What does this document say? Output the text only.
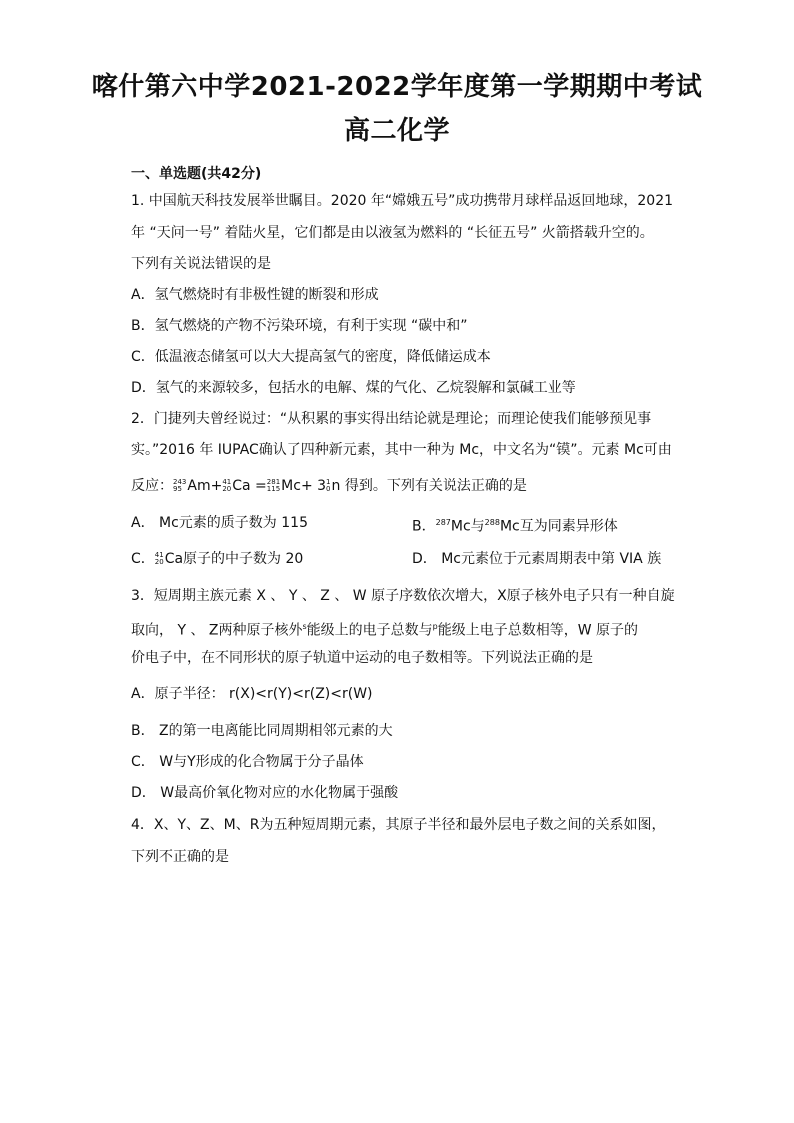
喀什第六中学2021-2022学年度第一学期期中考试
高二化学
一、单选题(共42分)
1. 中国航天科技发展举世瞩目。2020 年“嫦娥五号”成功携带月球样品返回地球，2021
年 “天问一号” 着陆火星，它们都是由以液氢为燃料的 “长征五号” 火箭搭载升空的。
下列有关说法错误的是
A．氢气燃烧时有非极性键的断裂和形成
B．氢气燃烧的产物不污染环境，有利于实现 “碳中和”
C．低温液态储氢可以大大提高氢气的密度，降低储运成本
D．氢气的来源较多，包括水的电解、煤的气化、乙烷裂解和氯碱工业等
2．门捷列夫曾经说过：“从积累的事实得出结论就是理论；而理论使我们能够预见事
实。”2016 年 IUPAC确认了四种新元素，其中一种为 Mc，中文名为“镆”。元素 Mc可由
反应： 243
95 Am+ 41
20 Ca = 281
115 Mc+ 3 1
0 n 得到。下列有关说法正确的是
A． Mc元素的质子数为 115	B．$^{287}$Mc与$^{288}$Mc互为同素异形体
C． 41
20 Ca原子的中子数为 20	D． Mc元素位于元素周期表中第 VIA 族
3．短周期主族元素 X 、 Y 、 Z 、 W 原子序数依次增大，X原子核外电子只有一种自旋
取向， Y 、 Z两种原子核外$^s$能级上的电子总数与$^p$能级上电子总数相等，W 原子的
价电子中，在不同形状的原子轨道中运动的电子数相等。下列说法正确的是
A．原子半径： r(X)<r(Y)<r(Z)<r(W)
B． Z的第一电离能比同周期相邻元素的大
C． W与Y形成的化合物属于分子晶体
D． W最高价氧化物对应的水化物属于强酸
4．X、Y、Z、M、R为五种短周期元素，其原子半径和最外层电子数之间的关系如图，
下列不正确的是
